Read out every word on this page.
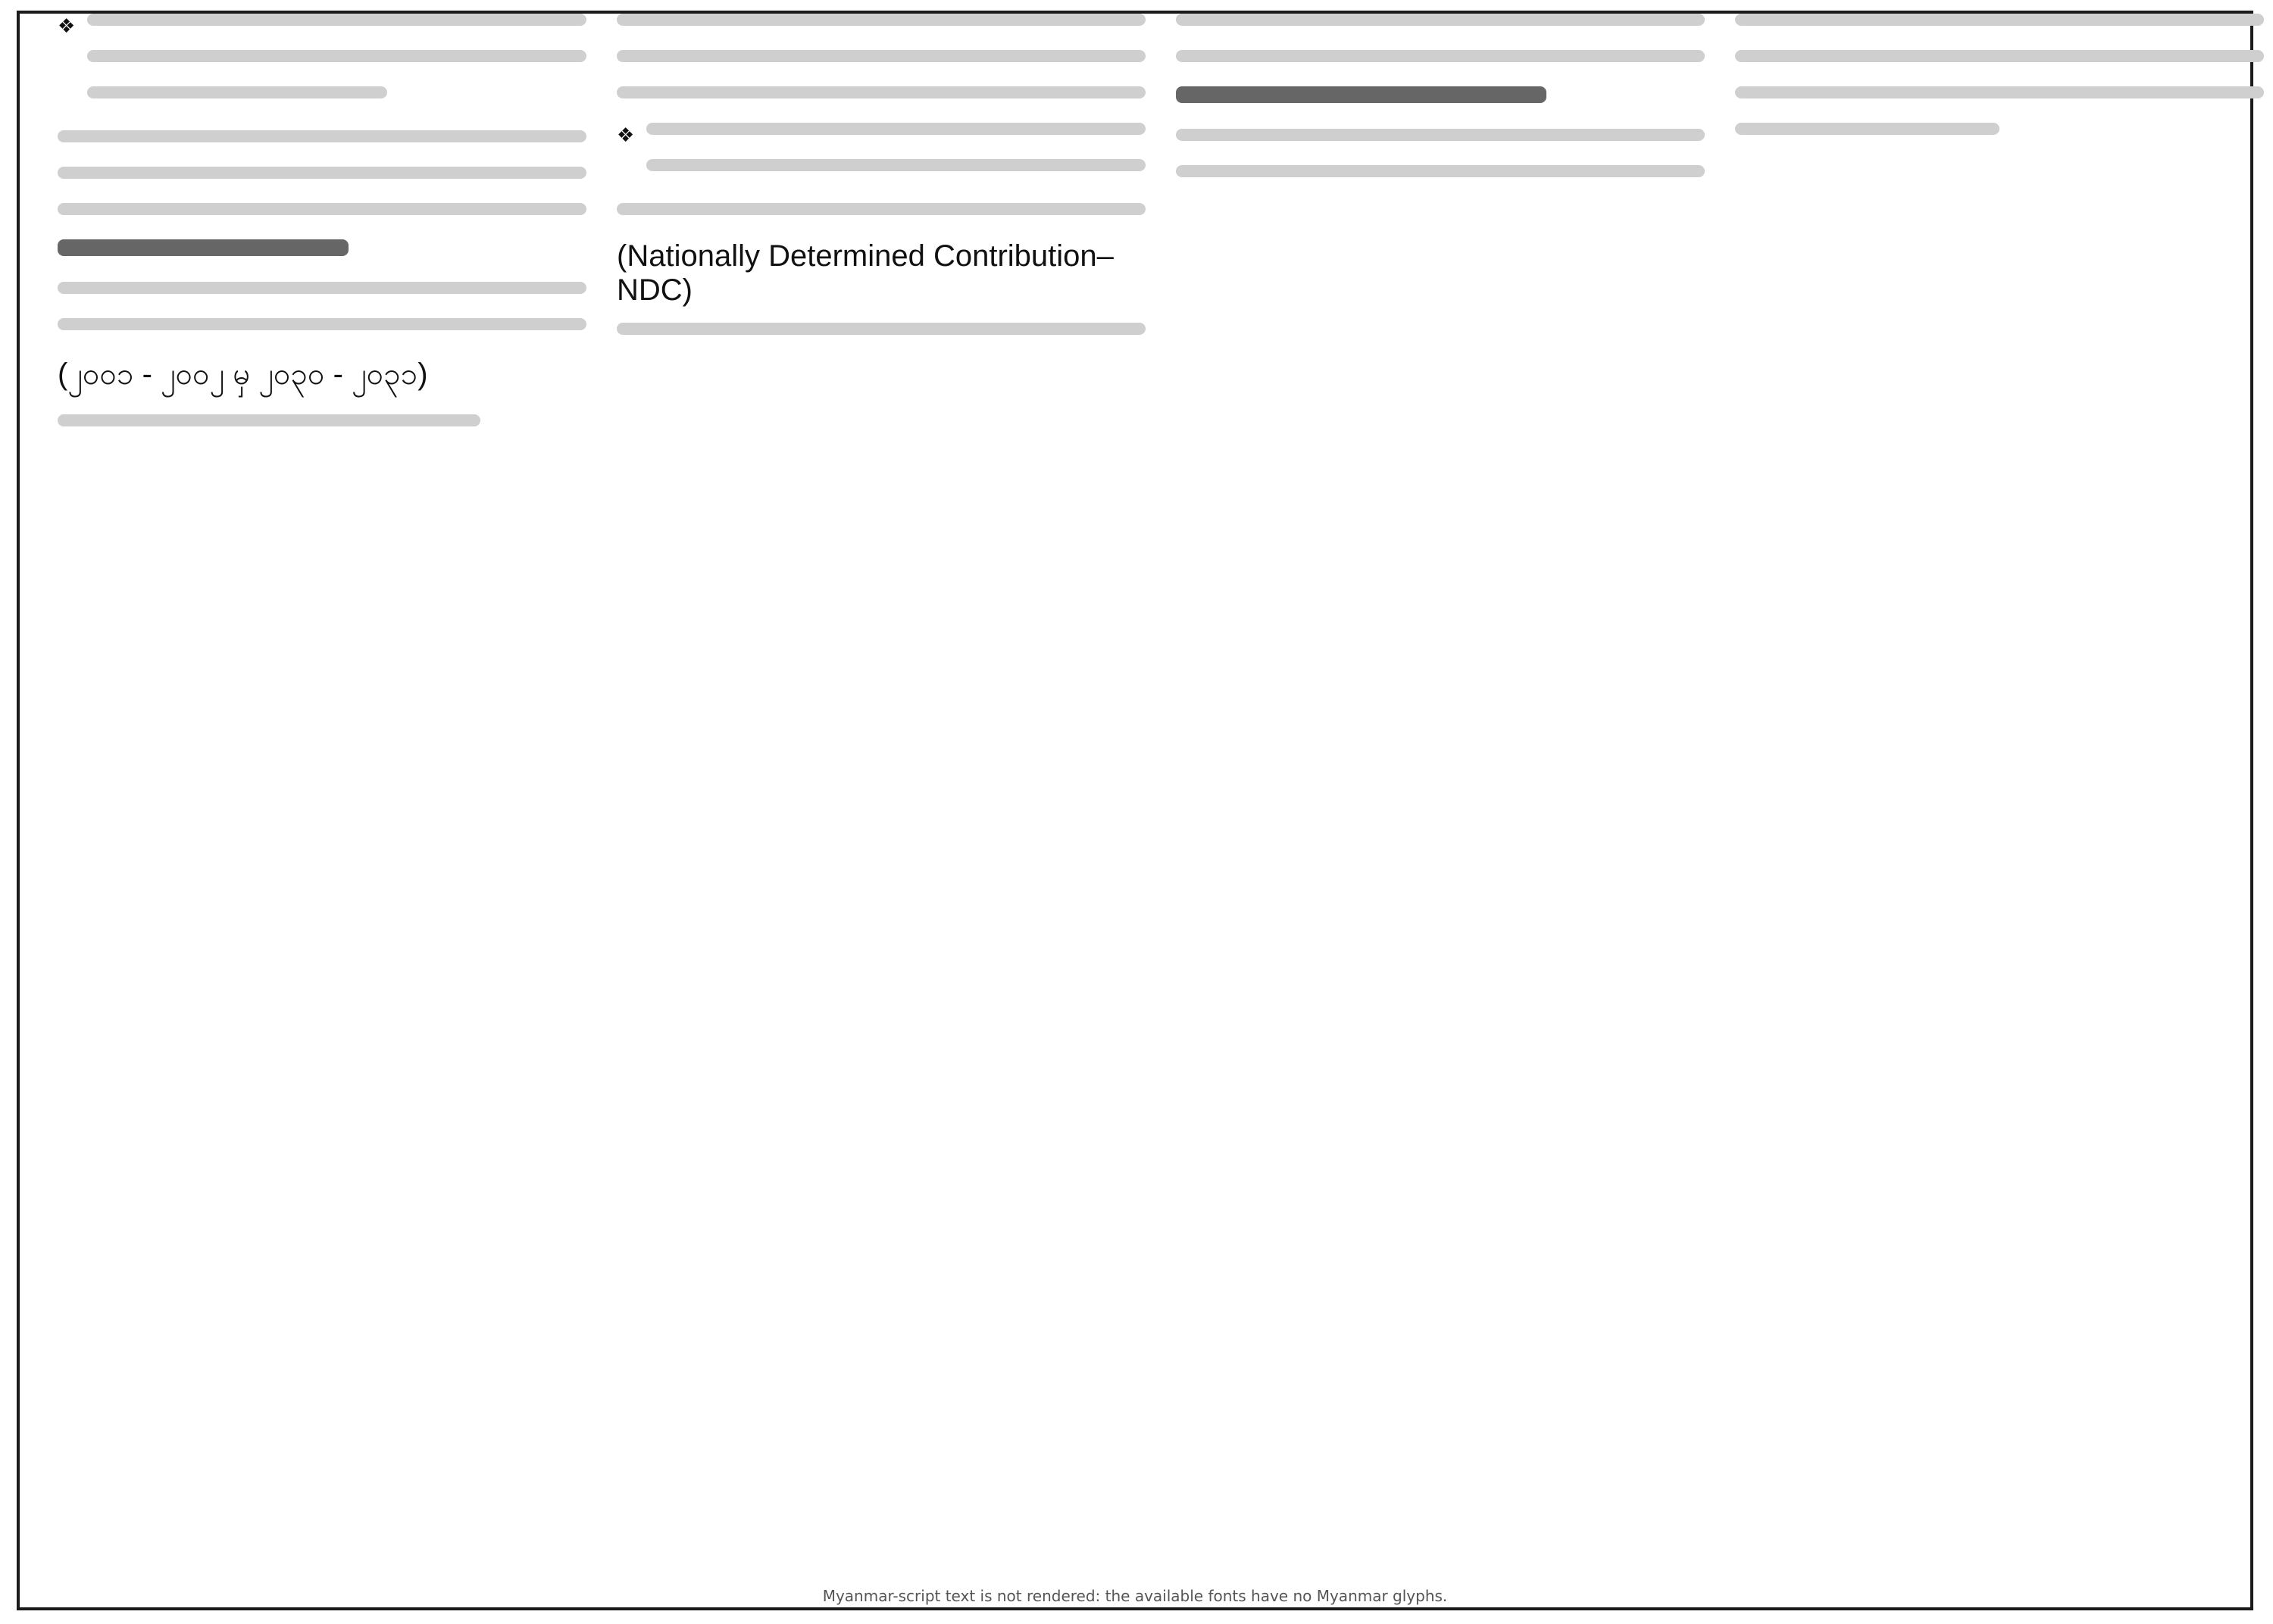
❖
(၂၀၀၁ - ၂၀၀၂ မှ ၂၀၃၀ - ၂၀၃၁)
❖
(Nationally Determined Contribution–NDC)
Myanmar-script text is not rendered: the available fonts have no Myanmar glyphs.
